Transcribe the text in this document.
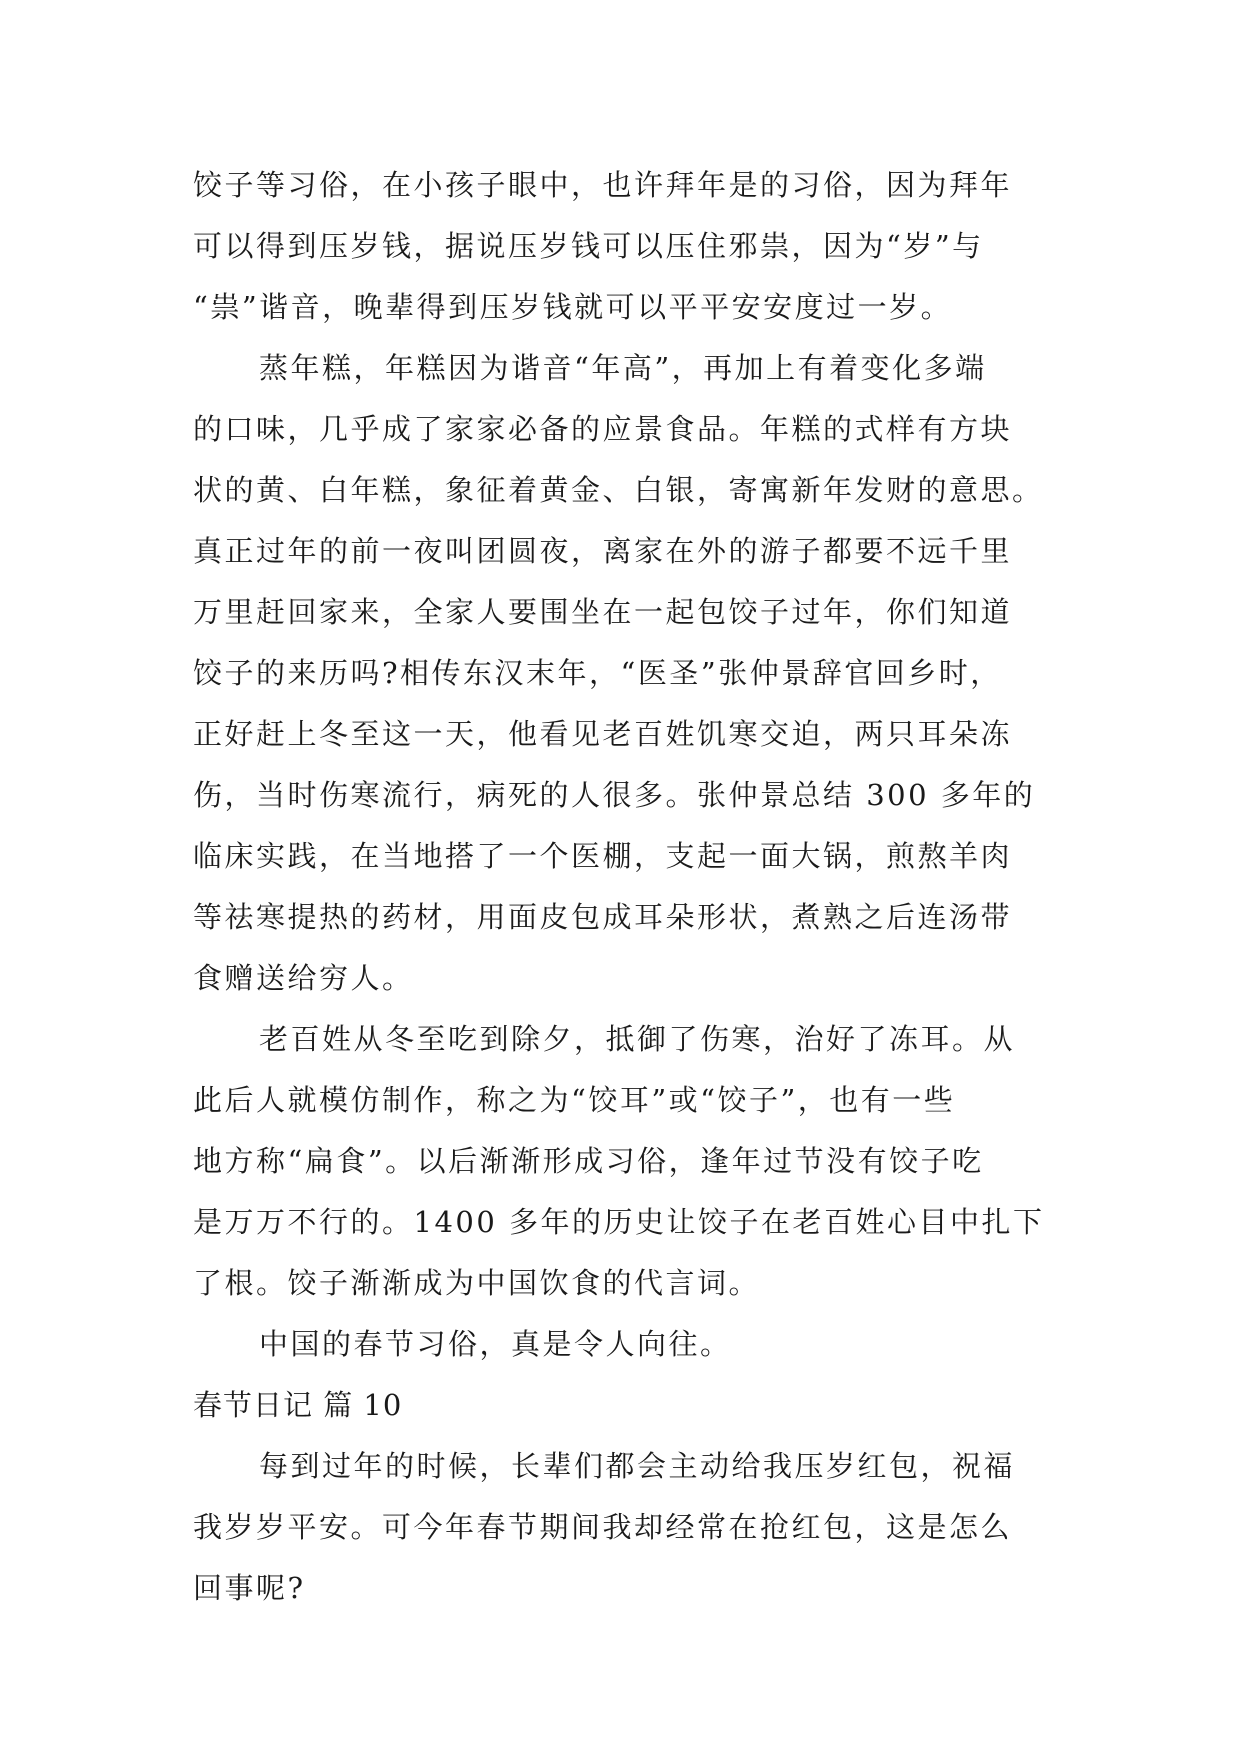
饺子等习俗，在小孩子眼中，也许拜年是的习俗，因为拜年
可以得到压岁钱，据说压岁钱可以压住邪祟，因为“岁”与
“祟”谐音，晚辈得到压岁钱就可以平平安安度过一岁。
蒸年糕，年糕因为谐音“年高”，再加上有着变化多端
的口味，几乎成了家家必备的应景食品。年糕的式样有方块
状的黄、白年糕，象征着黄金、白银，寄寓新年发财的意思。
真正过年的前一夜叫团圆夜，离家在外的游子都要不远千里
万里赶回家来，全家人要围坐在一起包饺子过年，你们知道
饺子的来历吗?相传东汉末年，“医圣”张仲景辞官回乡时，
正好赶上冬至这一天，他看见老百姓饥寒交迫，两只耳朵冻
伤，当时伤寒流行，病死的人很多。张仲景总结 300 多年的
临床实践，在当地搭了一个医棚，支起一面大锅，煎熬羊肉
等祛寒提热的药材，用面皮包成耳朵形状，煮熟之后连汤带
食赠送给穷人。
老百姓从冬至吃到除夕，抵御了伤寒，治好了冻耳。从
此后人就模仿制作，称之为“饺耳”或“饺子”，也有一些
地方称“扁食”。以后渐渐形成习俗，逢年过节没有饺子吃
是万万不行的。1400 多年的历史让饺子在老百姓心目中扎下
了根。饺子渐渐成为中国饮食的代言词。
中国的春节习俗，真是令人向往。
春节日记 篇 10
每到过年的时候，长辈们都会主动给我压岁红包，祝福
我岁岁平安。可今年春节期间我却经常在抢红包，这是怎么
回事呢?
